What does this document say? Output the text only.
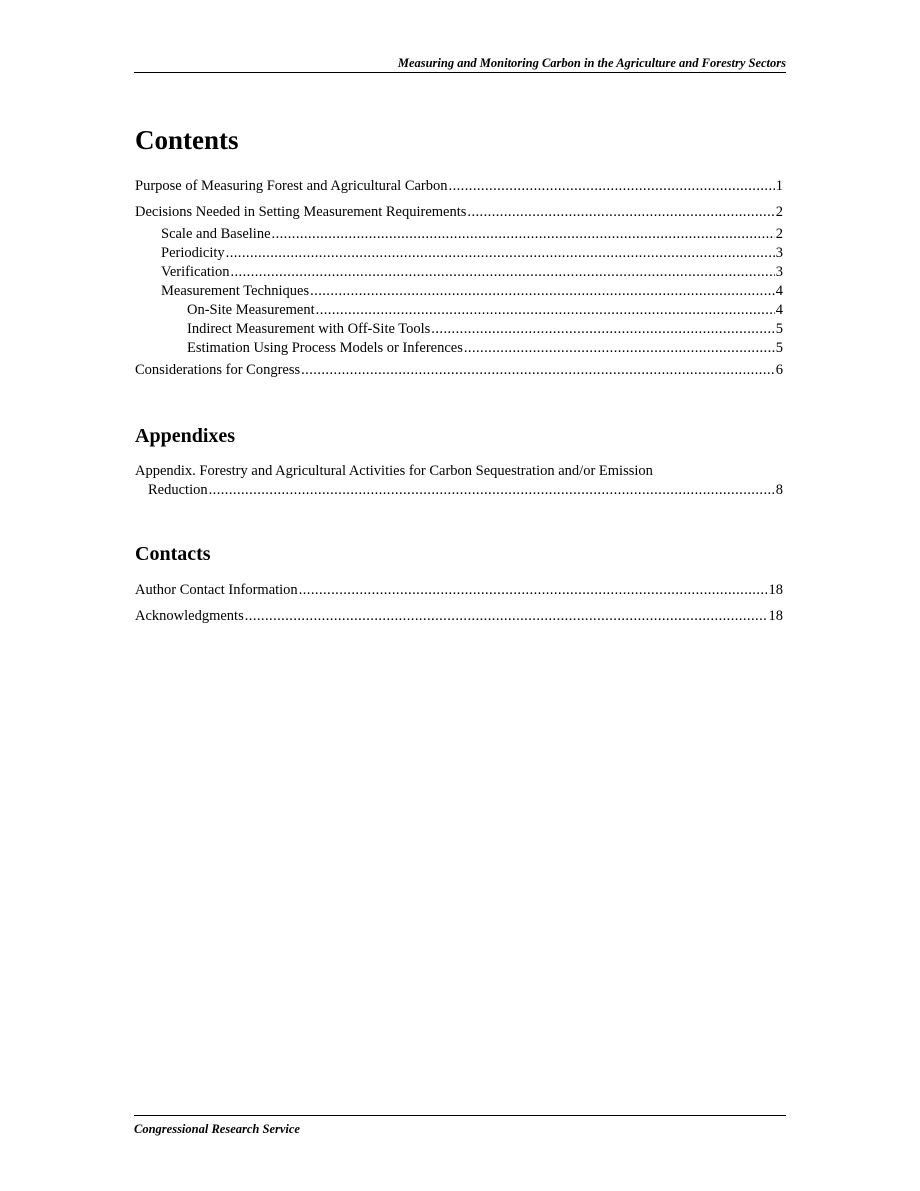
Measuring and Monitoring Carbon in the Agriculture and Forestry Sectors
Contents
Purpose of Measuring Forest and Agricultural Carbon . . .	1
Decisions Needed in Setting Measurement Requirements . . .	2
Scale and Baseline . . .	2
Periodicity . . .	3
Verification . . .	3
Measurement Techniques . . .	4
On-Site Measurement . . .	4
Indirect Measurement with Off-Site Tools . . .	5
Estimation Using Process Models or Inferences . . .	5
Considerations for Congress . . .	6
Appendixes
Appendix. Forestry and Agricultural Activities for Carbon Sequestration and/or Emission
Reduction . . .	8
Contacts
Author Contact Information . . .	18
Acknowledgments . . .	18
Congressional Research Service
